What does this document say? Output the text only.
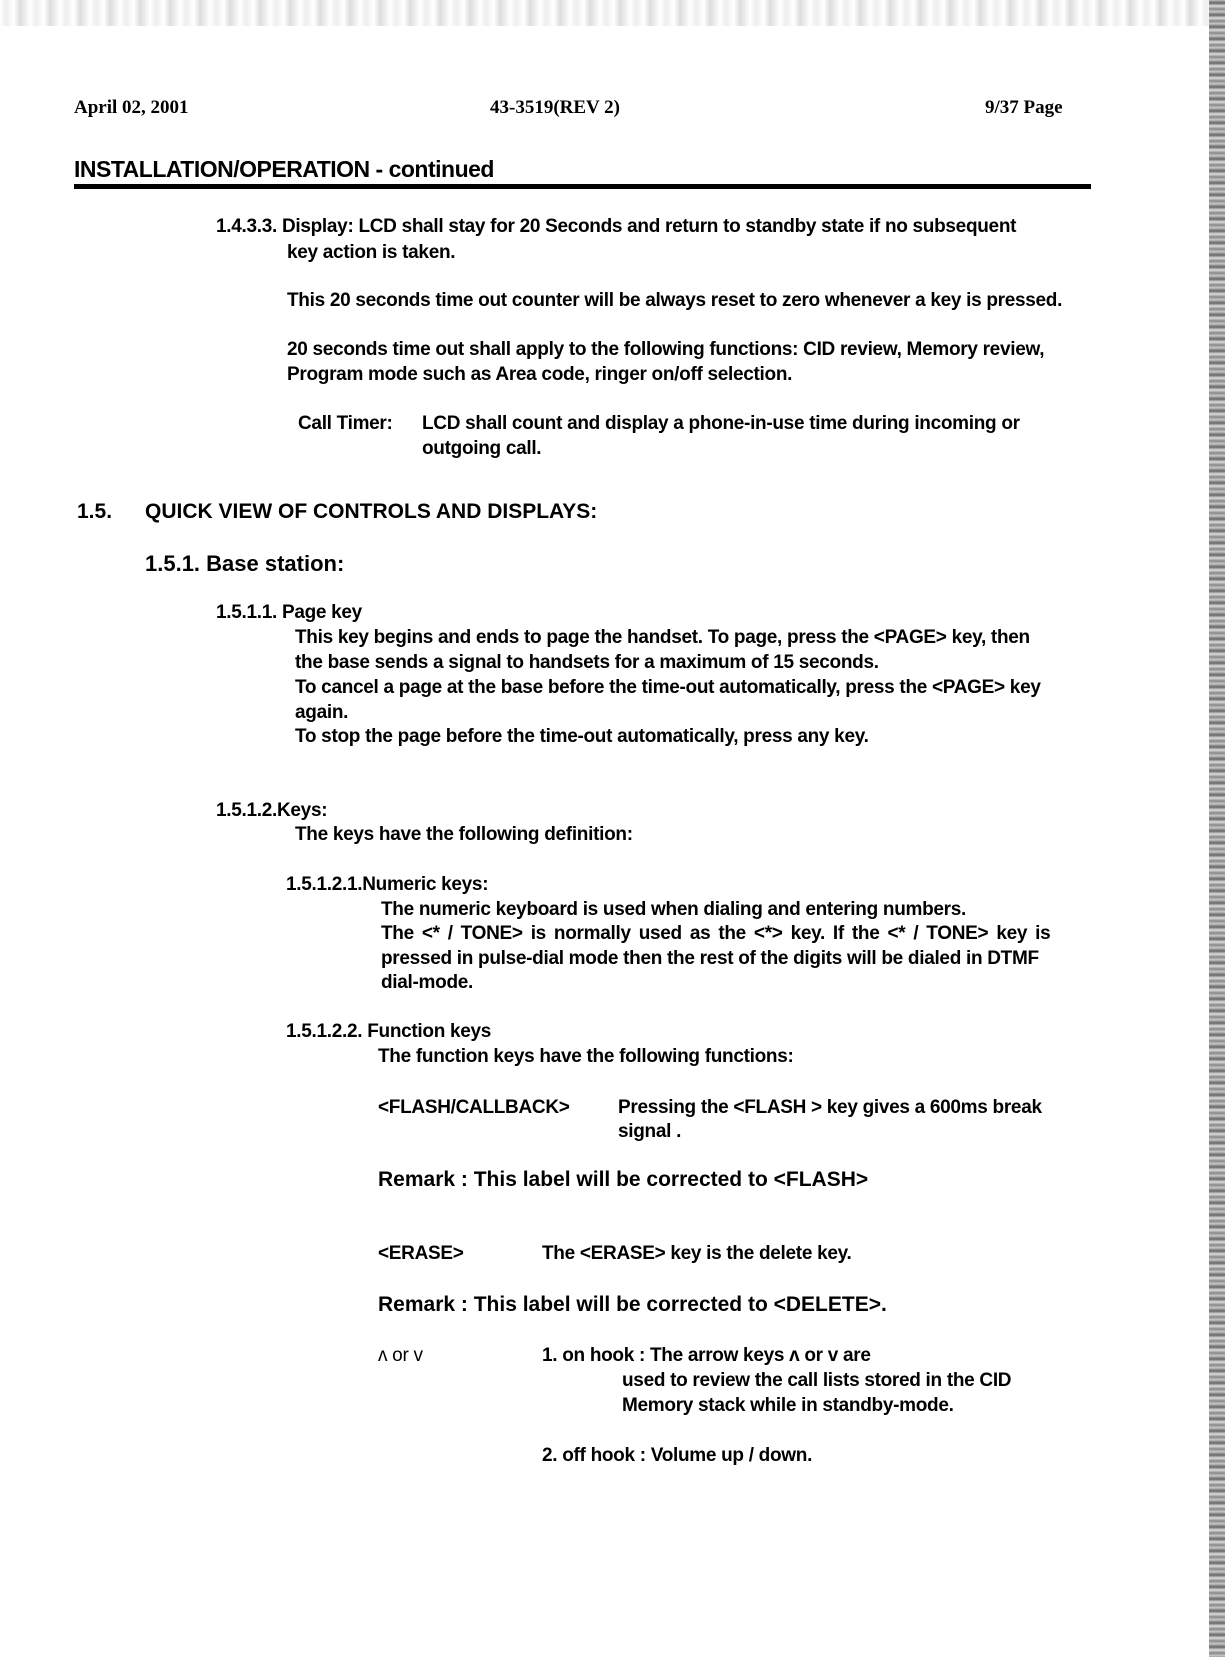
April 02, 2001	43-3519(REV 2)	9/37 Page
INSTALLATION/OPERATION - continued
1.4.3.3. Display: LCD shall stay for 20 Seconds and return to standby state if no subsequent
key action is taken.
This 20 seconds time out counter will be always reset to zero whenever a key is pressed.
20 seconds time out shall apply to the following functions: CID review, Memory review,
Program mode such as Area code, ringer on/off selection.
Call Timer: LCD shall count and display a phone-in-use time during incoming or
outgoing call.
1.5. QUICK VIEW OF CONTROLS AND DISPLAYS:
1.5.1. Base station:
1.5.1.1. Page key
This key begins and ends to page the handset. To page, press the <PAGE> key, then
the base sends a signal to handsets for a maximum of 15 seconds.
To cancel a page at the base before the time-out automatically, press the <PAGE> key
again.
To stop the page before the time-out automatically, press any key.
1.5.1.2.Keys:
The keys have the following definition:
1.5.1.2.1.Numeric keys:
The numeric keyboard is used when dialing and entering numbers.
The <* / TONE> is normally used as the <*> key. If the <* / TONE> key is
pressed in pulse-dial mode then the rest of the digits will be dialed in DTMF
dial-mode.
1.5.1.2.2. Function keys
The function keys have the following functions:
<FLASH/CALLBACK>	Pressing the <FLASH > key gives a 600ms break
signal .
Remark : This label will be corrected to <FLASH>
<ERASE>	The <ERASE> key is the delete key.
Remark : This label will be corrected to <DELETE>.
ʌ or v	1. on hook : The arrow keys ʌ or v are
used to review the call lists stored in the CID
Memory stack while in standby-mode.
2. off hook : Volume up / down.
